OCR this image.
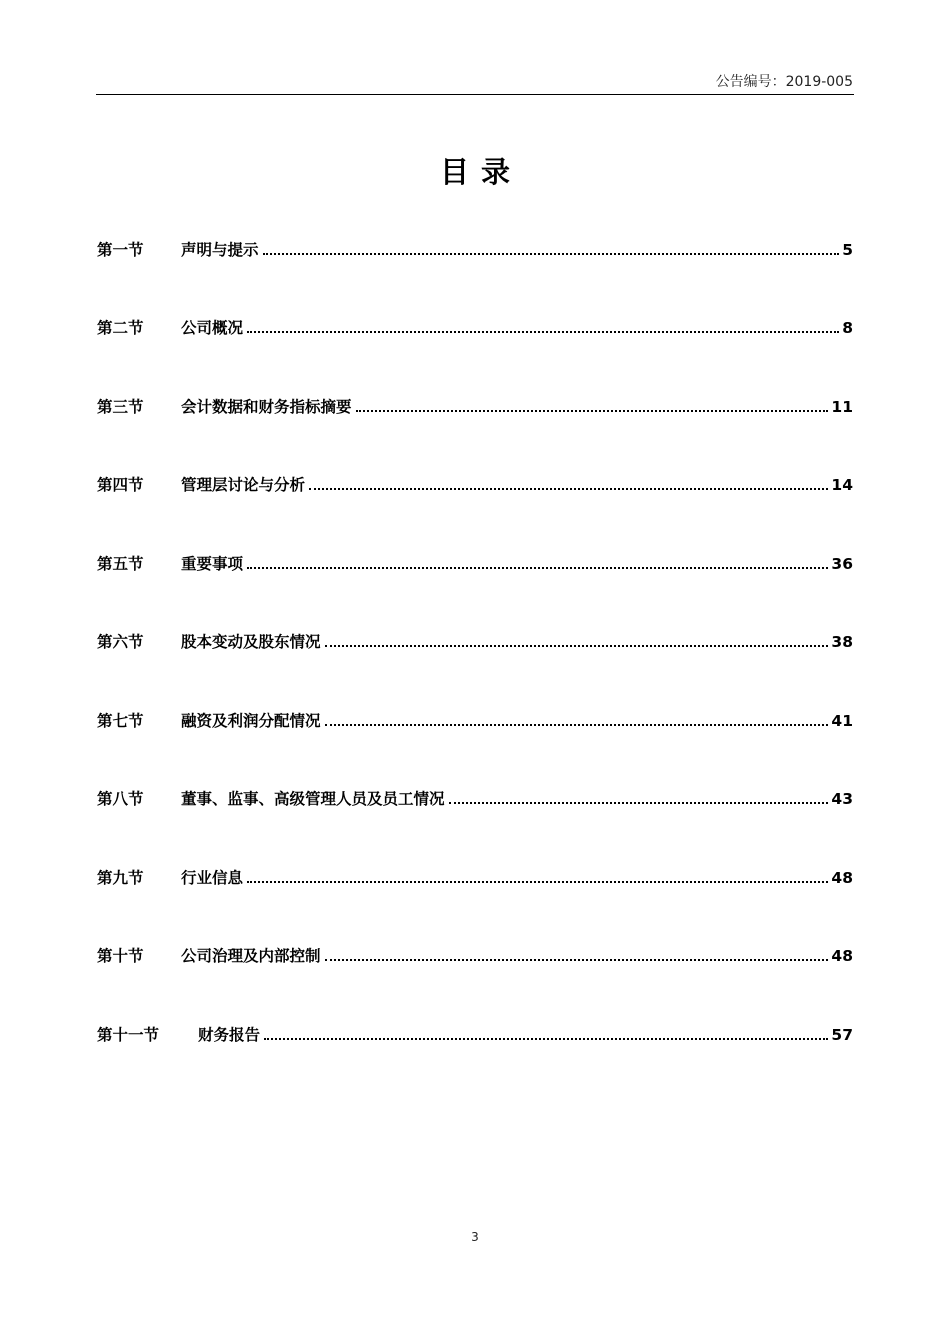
公告编号：2019-005
目录
第一节	声明与提示	5
第二节	公司概况	8
第三节	会计数据和财务指标摘要	11
第四节	管理层讨论与分析	14
第五节	重要事项	36
第六节	股本变动及股东情况	38
第七节	融资及利润分配情况	41
第八节	董事、监事、高级管理人员及员工情况	43
第九节	行业信息	48
第十节	公司治理及内部控制	48
第十一节	财务报告	57
3
